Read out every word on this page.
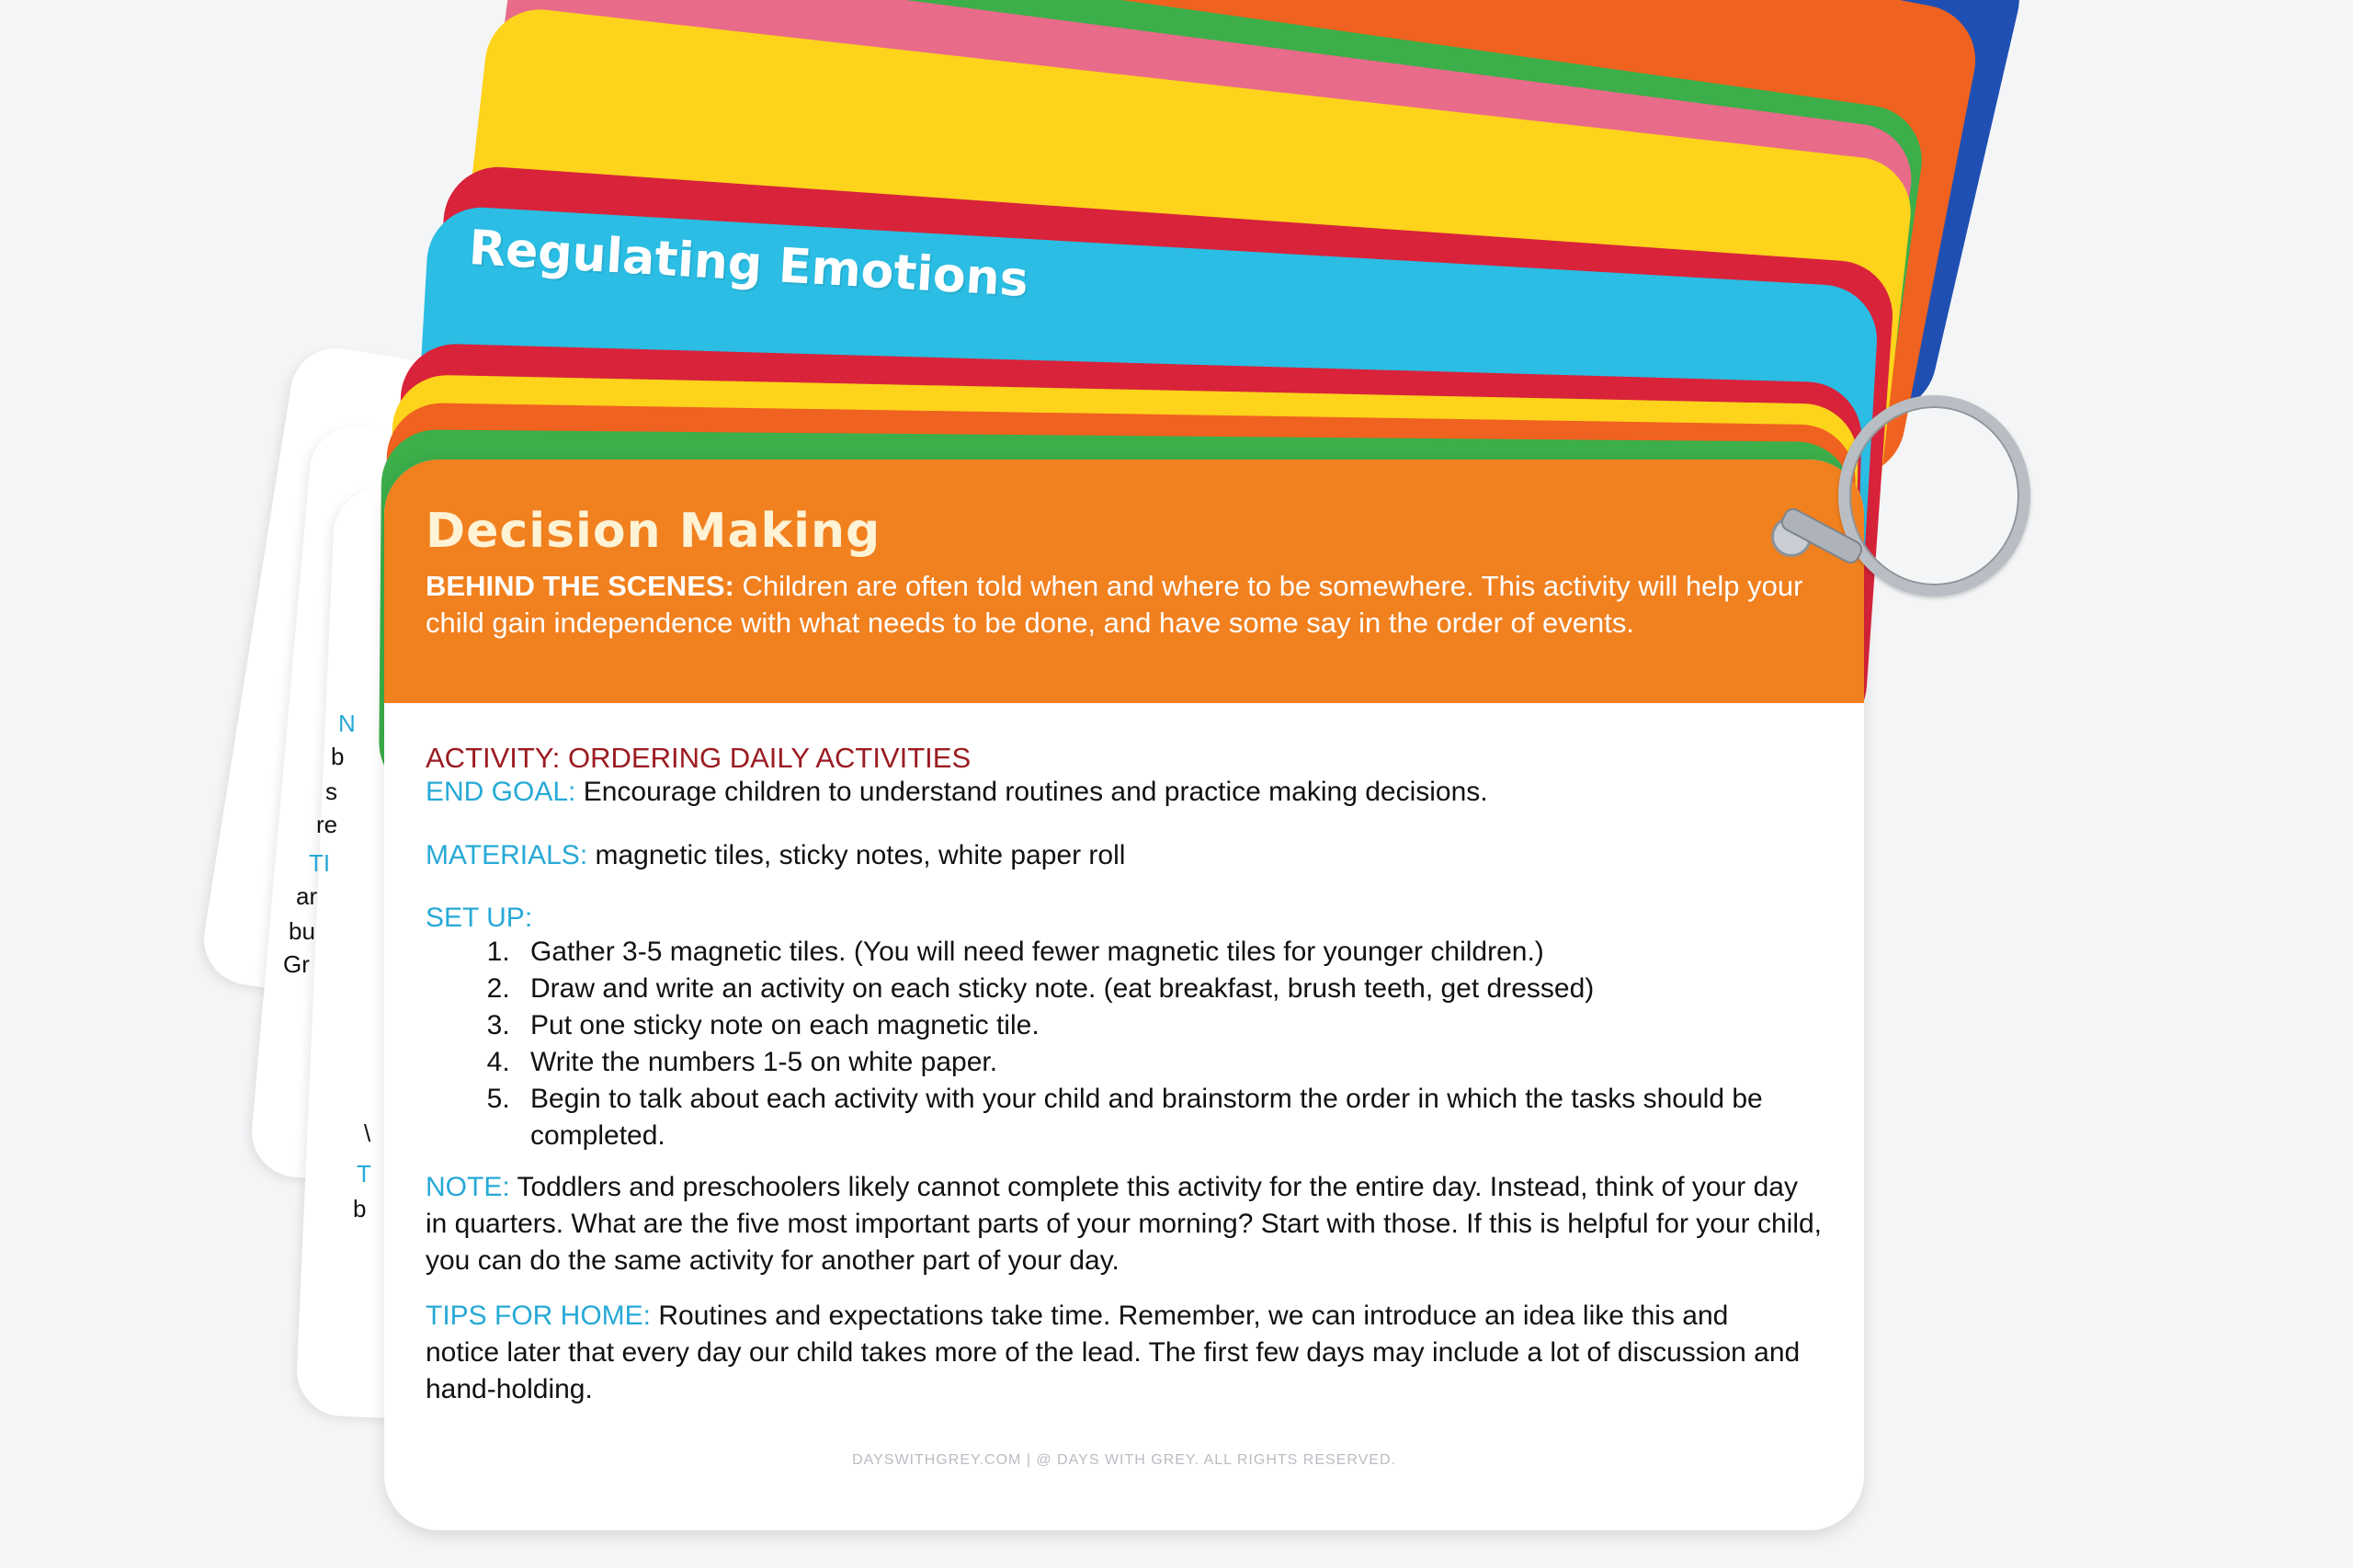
Regulating Emotions
N
b
s
re
TI
ar
bu
Gr
\
T
b
Decision Making
BEHIND THE SCENES: Children are often told when and where to be somewhere. This activity will help your child gain independence with what needs to be done, and have some say in the order of events.
ACTIVITY: ORDERING DAILY ACTIVITIES
END GOAL: Encourage children to understand routines and practice making decisions.
MATERIALS: magnetic tiles, sticky notes, white paper roll
SET UP:
1. Gather 3-5 magnetic tiles. (You will need fewer magnetic tiles for younger children.)
2. Draw and write an activity on each sticky note. (eat breakfast, brush teeth, get dressed)
3. Put one sticky note on each magnetic tile.
4. Write the numbers 1-5 on white paper.
5. Begin to talk about each activity with your child and brainstorm the order in which the tasks should be completed.
NOTE: Toddlers and preschoolers likely cannot complete this activity for the entire day. Instead, think of your day in quarters. What are the five most important parts of your morning? Start with those. If this is helpful for your child, you can do the same activity for another part of your day.
TIPS FOR HOME: Routines and expectations take time. Remember, we can introduce an idea like this and notice later that every day our child takes more of the lead. The first few days may include a lot of discussion and hand-holding.
DAYSWITHGREY.COM | @ DAYS WITH GREY. ALL RIGHTS RESERVED.
